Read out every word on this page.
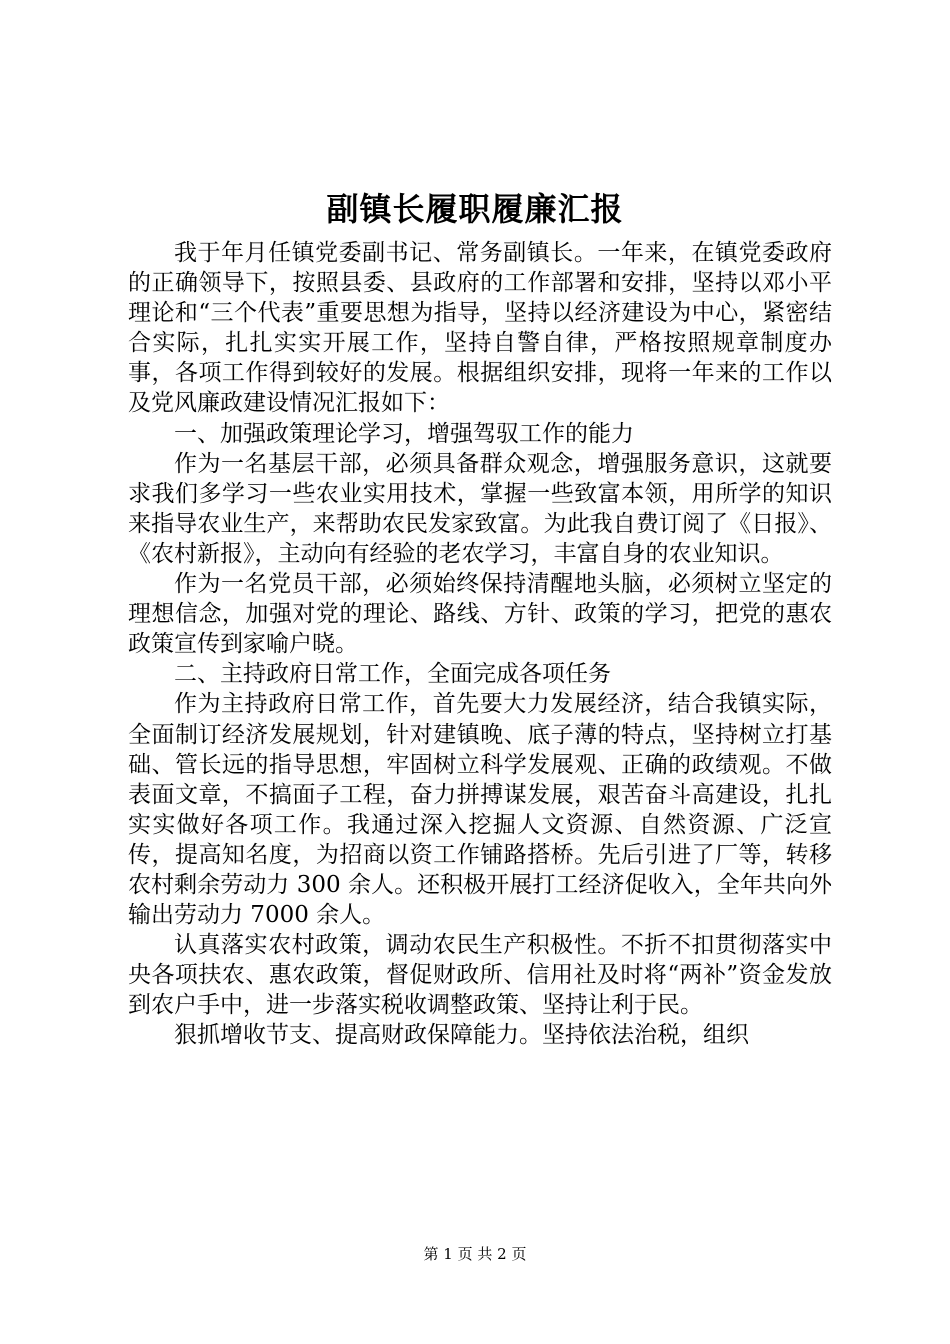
副镇长履职履廉汇报

我于年月任镇党委副书记、常务副镇长。一年来，在镇党委政府的正确领导下，按照县委、县政府的工作部署和安排，坚持以邓小平理论和“三个代表”重要思想为指导，坚持以经济建设为中心，紧密结合实际，扎扎实实开展工作，坚持自警自律，严格按照规章制度办事，各项工作得到较好的发展。根据组织安排，现将一年来的工作以及党风廉政建设情况汇报如下：

一、加强政策理论学习，增强驾驭工作的能力

作为一名基层干部，必须具备群众观念，增强服务意识，这就要求我们多学习一些农业实用技术，掌握一些致富本领，用所学的知识来指导农业生产，来帮助农民发家致富。为此我自费订阅了《日报》、《农村新报》，主动向有经验的老农学习，丰富自身的农业知识。

作为一名党员干部，必须始终保持清醒地头脑，必须树立坚定的理想信念，加强对党的理论、路线、方针、政策的学习，把党的惠农政策宣传到家喻户晓。

二、主持政府日常工作，全面完成各项任务

作为主持政府日常工作，首先要大力发展经济，结合我镇实际，全面制订经济发展规划，针对建镇晚、底子薄的特点，坚持树立打基础、管长远的指导思想，牢固树立科学发展观、正确的政绩观。不做表面文章，不搞面子工程，奋力拼搏谋发展，艰苦奋斗高建设，扎扎实实做好各项工作。我通过深入挖掘人文资源、自然资源、广泛宣传，提高知名度，为招商以资工作铺路搭桥。先后引进了厂等，转移农村剩余劳动力 300 余人。还积极开展打工经济促收入，全年共向外输出劳动力 7000 余人。

认真落实农村政策，调动农民生产积极性。不折不扣贯彻落实中央各项扶农、惠农政策，督促财政所、信用社及时将“两补”资金发放到农户手中，进一步落实税收调整政策、坚持让利于民。

狠抓增收节支、提高财政保障能力。坚持依法治税，组织

第 1 页 共 2 页
